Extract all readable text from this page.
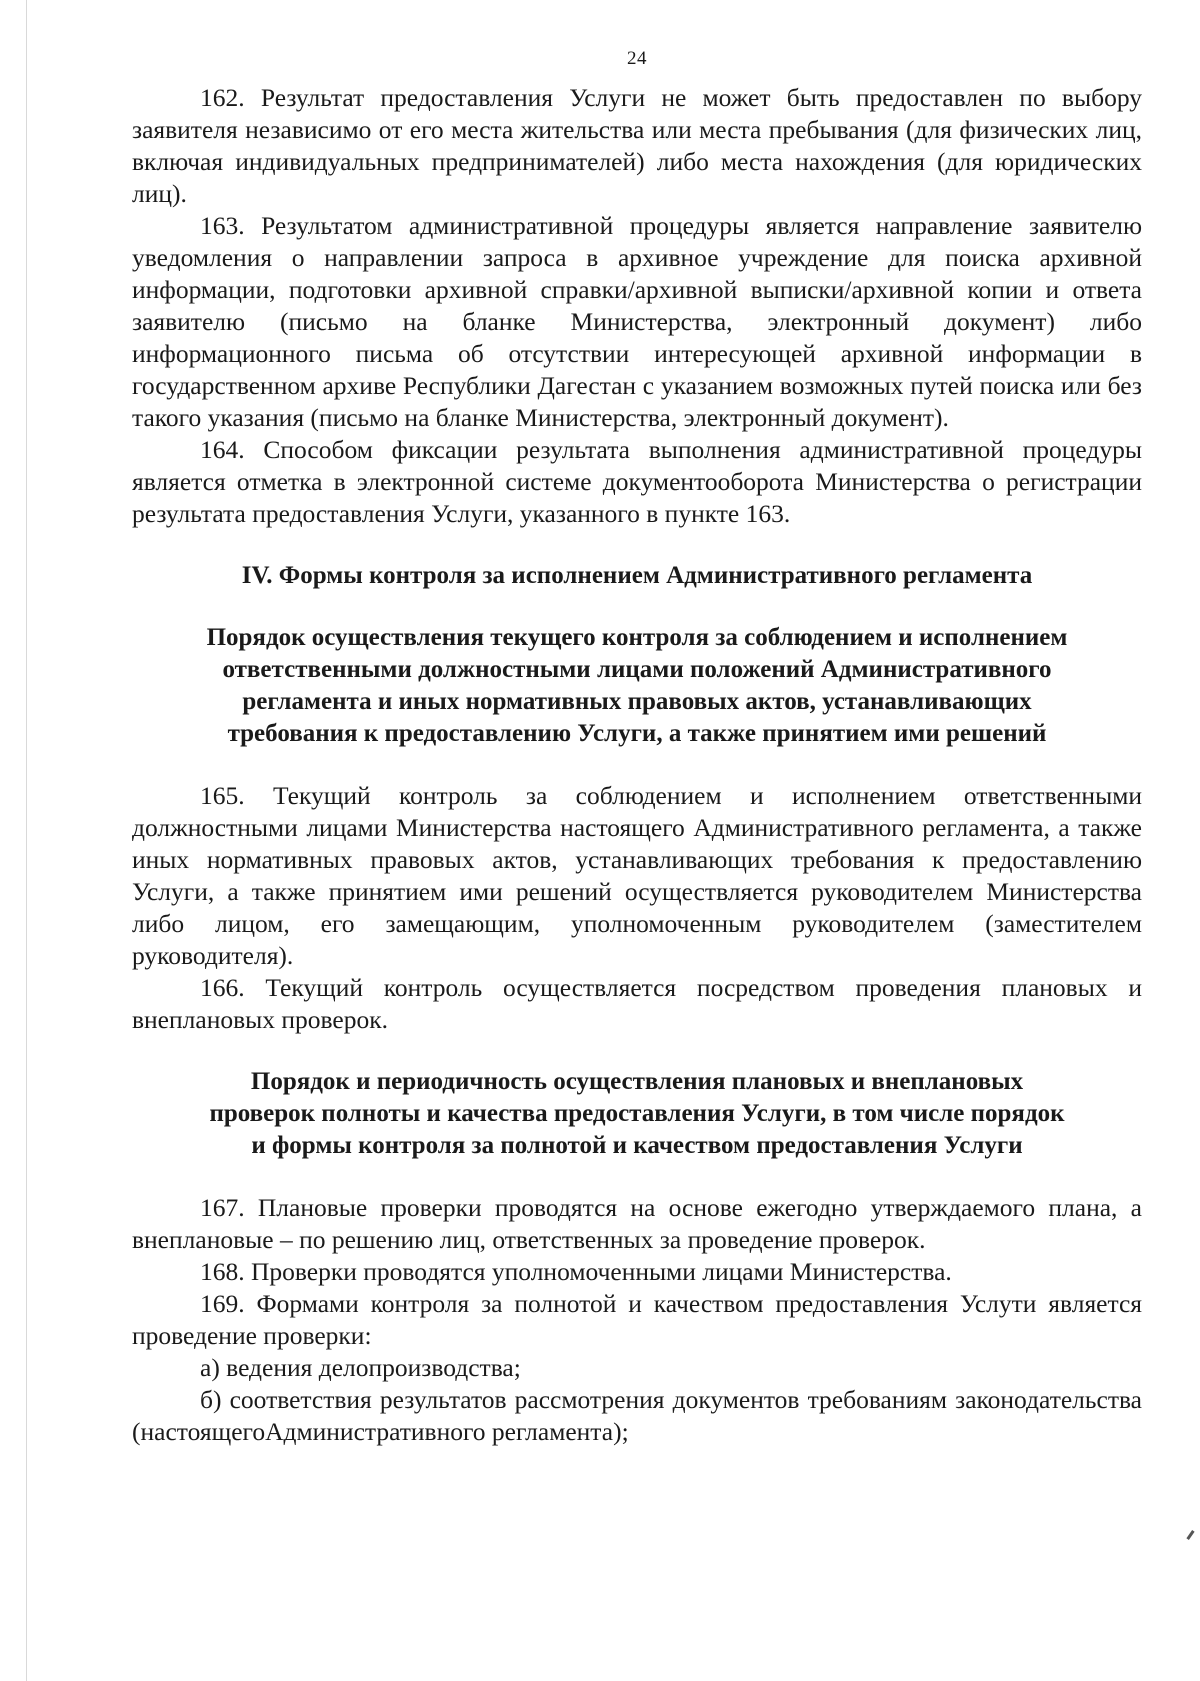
24

162. Результат предоставления Услуги не может быть предоставлен по выбору заявителя независимо от его места жительства или места пребывания (для физических лиц, включая индивидуальных предпринимателей) либо места нахождения (для юридических лиц).

163. Результатом административной процедуры является направление заявителю уведомления о направлении запроса в архивное учреждение для поиска архивной информации, подготовки архивной справки/архивной выписки/архивной копии и ответа заявителю (письмо на бланке Министерства, электронный документ) либо информационного письма об отсутствии интересующей архивной информации в государственном архиве Республики Дагестан с указанием возможных путей поиска или без такого указания (письмо на бланке Министерства, электронный документ).

164. Способом фиксации результата выполнения административной процедуры является отметка в электронной системе документооборота Министерства о регистрации результата предоставления Услуги, указанного в пункте 163.

IV. Формы контроля за исполнением Административного регламента
Порядок осуществления текущего контроля за соблюдением и исполнением
ответственными должностными лицами положений Административного
регламента и иных нормативных правовых актов, устанавливающих
требования к предоставлению Услуги, а также принятием ими решений

165. Текущий контроль за соблюдением и исполнением ответственными должностными лицами Министерства настоящего Административного регламента, а также иных нормативных правовых актов, устанавливающих требования к предоставлению Услуги, а также принятием ими решений осуществляется руководителем Министерства либо лицом, его замещающим, уполномоченным руководителем (заместителем руководителя).

166. Текущий контроль осуществляется посредством проведения плановых и внеплановых проверок.

Порядок и периодичность осуществления плановых и внеплановых
проверок полноты и качества предоставления Услуги, в том числе порядок
и формы контроля за полнотой и качеством предоставления Услуги

167. Плановые проверки проводятся на основе ежегодно утверждаемого плана, а внеплановые – по решению лиц, ответственных за проведение проверок.

168. Проверки проводятся уполномоченными лицами Министерства.

169. Формами контроля за полнотой и качеством предоставления Услути является проведение проверки:

а) ведения делопроизводства;

б) соответствия результатов рассмотрения документов требованиям законодательства (настоящегоАдминистративного регламента);
